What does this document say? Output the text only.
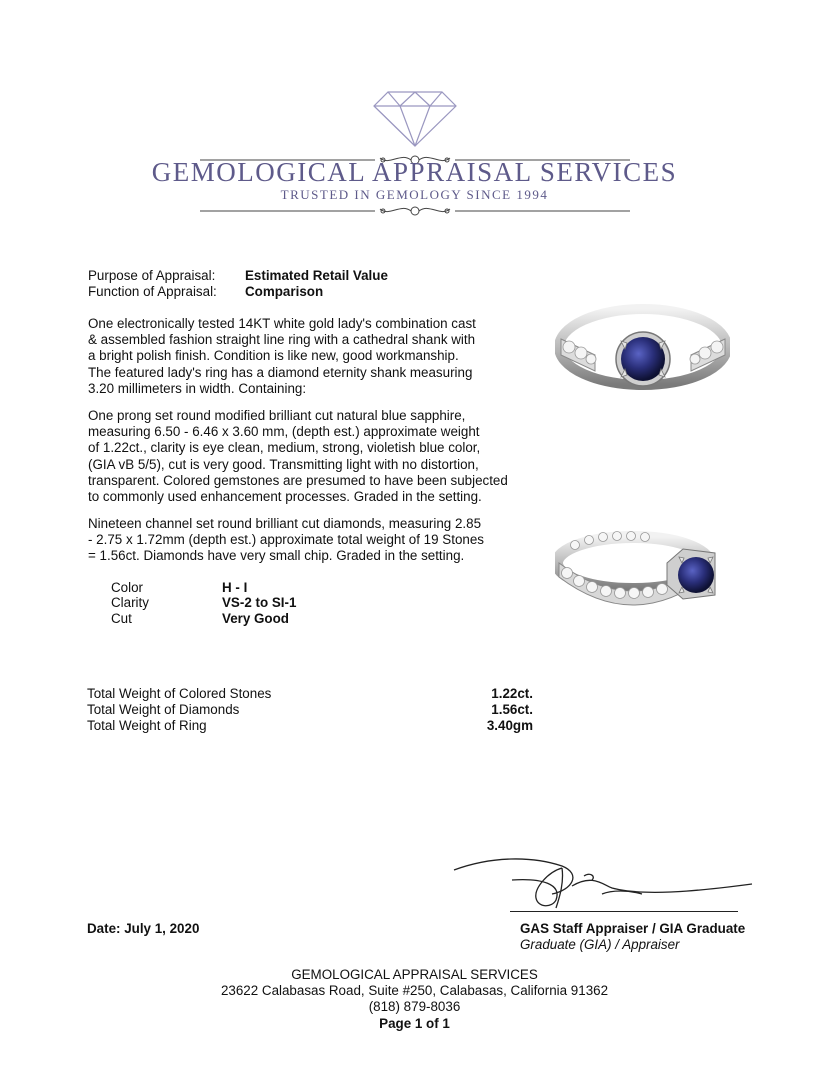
GEMOLOGICAL APPRAISAL SERVICES
TRUSTED IN GEMOLOGY SINCE 1994
Purpose of Appraisal: Estimated Retail Value
Function of Appraisal: Comparison
One electronically tested 14KT white gold lady's combination cast
& assembled fashion straight line ring with a cathedral shank with
a bright polish finish. Condition is like new, good workmanship.
The featured lady's ring has a diamond eternity shank measuring
3.20 millimeters in width. Containing:
One prong set round modified brilliant cut natural blue sapphire,
measuring 6.50 - 6.46 x 3.60 mm, (depth est.) approximate weight
of 1.22ct., clarity is eye clean, medium, strong, violetish blue color,
(GIA vB 5/5), cut is very good. Transmitting light with no distortion,
transparent. Colored gemstones are presumed to have been subjected
to commonly used enhancement processes. Graded in the setting.
Nineteen channel set round brilliant cut diamonds, measuring 2.85
- 2.75 x 1.72mm (depth est.) approximate total weight of 19 Stones
= 1.56ct. Diamonds have very small chip. Graded in the setting.
Color	H - I
Clarity	VS-2 to SI-1
Cut	Very Good
Total Weight of Colored Stones	1.22ct.
Total Weight of Diamonds	1.56ct.
Total Weight of Ring	3.40gm
Date: July 1, 2020	GAS Staff Appraiser / GIA Graduate
Graduate (GIA) / Appraiser
GEMOLOGICAL APPRAISAL SERVICES
23622 Calabasas Road, Suite #250, Calabasas, California 91362
(818) 879-8036
Page 1 of 1
